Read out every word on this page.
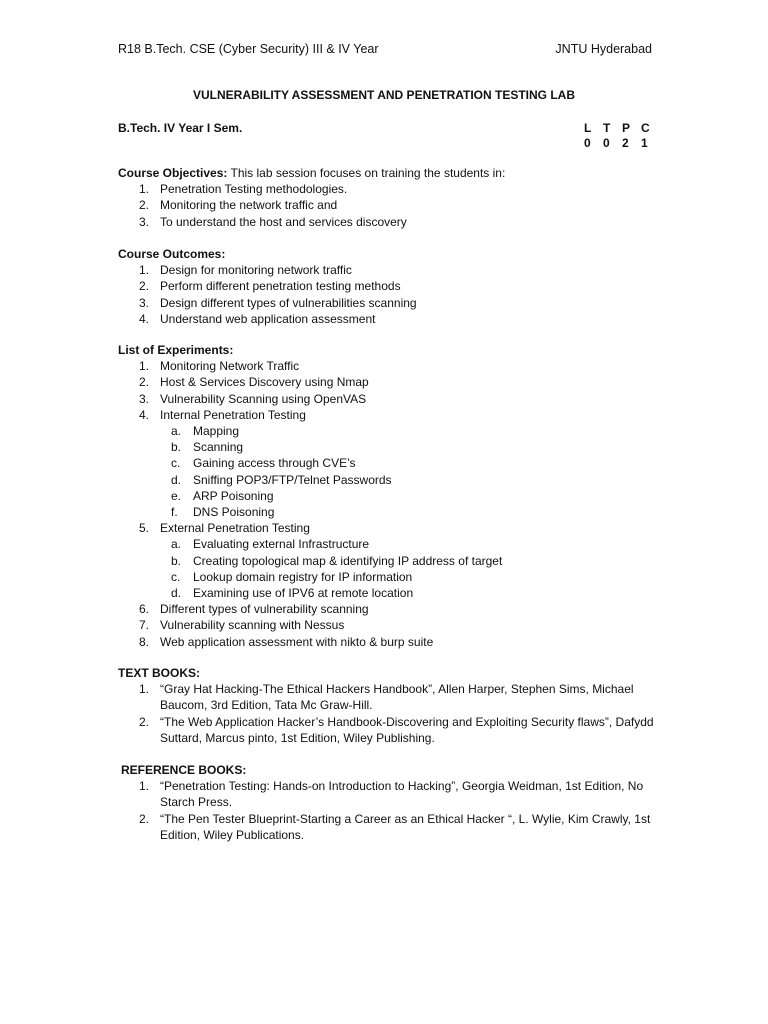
R18 B.Tech. CSE (Cyber Security) III & IV Year	JNTU Hyderabad
VULNERABILITY ASSESSMENT AND PENETRATION TESTING LAB
B.Tech. IV Year I Sem.	L T P C
0	0	2	1
Course Objectives: This lab session focuses on training the students in:
1. Penetration Testing methodologies.
2. Monitoring the network traffic and
3. To understand the host and services discovery
Course Outcomes:
1. Design for monitoring network traffic
2. Perform different penetration testing methods
3. Design different types of vulnerabilities scanning
4. Understand web application assessment
List of Experiments:
1. Monitoring Network Traffic
2. Host & Services Discovery using Nmap
3. Vulnerability Scanning using OpenVAS
4. Internal Penetration Testing
a. Mapping
b. Scanning
c. Gaining access through CVE’s
d. Sniffing POP3/FTP/Telnet Passwords
e. ARP Poisoning
f. DNS Poisoning
5. External Penetration Testing
a. Evaluating external Infrastructure
b. Creating topological map & identifying IP address of target
c. Lookup domain registry for IP information
d. Examining use of IPV6 at remote location
6. Different types of vulnerability scanning
7. Vulnerability scanning with Nessus
8. Web application assessment with nikto & burp suite
TEXT BOOKS:
1. “Gray Hat Hacking-The Ethical Hackers Handbook”, Allen Harper, Stephen Sims, Michael Baucom, 3rd Edition, Tata Mc Graw-Hill.
2. “The Web Application Hacker’s Handbook-Discovering and Exploiting Security flaws”, Dafydd Suttard, Marcus pinto, 1st Edition, Wiley Publishing.
REFERENCE BOOKS:
1. “Penetration Testing: Hands-on Introduction to Hacking”, Georgia Weidman, 1st Edition, No Starch Press.
2. “The Pen Tester Blueprint-Starting a Career as an Ethical Hacker “, L. Wylie, Kim Crawly, 1st Edition, Wiley Publications.
